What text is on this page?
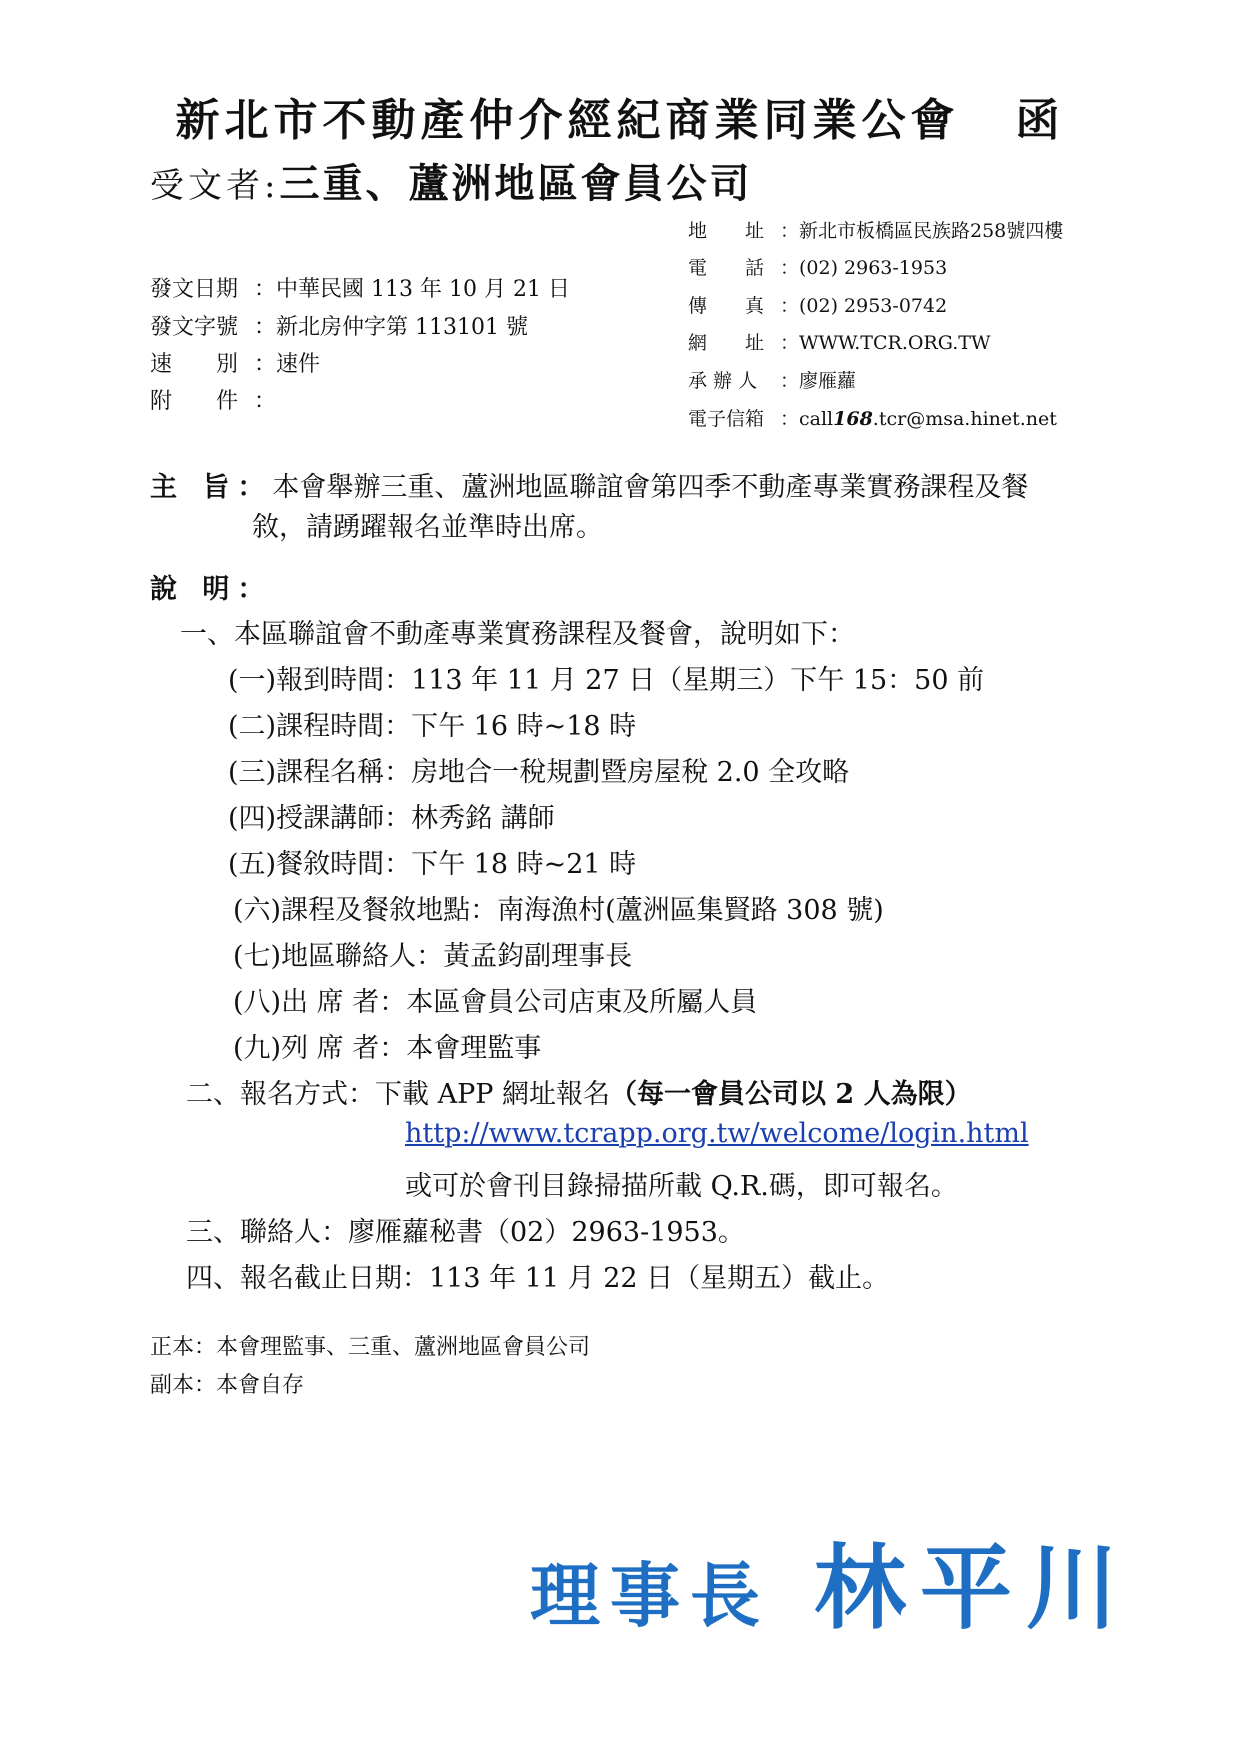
新北市不動產仲介經紀商業同業公會 函
受文者:三重、蘆洲地區會員公司
地　　址 ：新北市板橋區民族路258號四樓
電　　話 ：(02) 2963-1953
傳　　真 ：(02) 2953-0742
網　　址 ：WWW.TCR.ORG.TW
承 辦 人 ：廖雁蘿
電子信箱 ：call168.tcr@msa.hinet.net
發文日期 ：中華民國 113 年 10 月 21 日
發文字號 ：新北房仲字第 113101 號
速　　別 ：速件
附　　件 ：
主 旨：本會舉辦三重、蘆洲地區聯誼會第四季不動產專業實務課程及餐
敘，請踴躍報名並準時出席。
說 明：
一、本區聯誼會不動產專業實務課程及餐會，說明如下：
(一)報到時間：113 年 11 月 27 日（星期三）下午 15：50 前
(二)課程時間：下午 16 時~18 時
(三)課程名稱：房地合一稅規劃暨房屋稅 2.0 全攻略
(四)授課講師：林秀銘 講師
(五)餐敘時間：下午 18 時~21 時
(六)課程及餐敘地點：南海漁村(蘆洲區集賢路 308 號)
(七)地區聯絡人：黃孟鈞副理事長
(八)出 席 者：本區會員公司店東及所屬人員
(九)列 席 者：本會理監事
二、報名方式：下載 APP 網址報名（每一會員公司以 2 人為限）
http://www.tcrapp.org.tw/welcome/login.html
或可於會刊目錄掃描所載 Q.R.碼，即可報名。
三、聯絡人：廖雁蘿秘書（02）2963-1953。
四、報名截止日期：113 年 11 月 22 日（星期五）截止。
正本：本會理監事、三重、蘆洲地區會員公司
副本：本會自存
理事長 林平川
